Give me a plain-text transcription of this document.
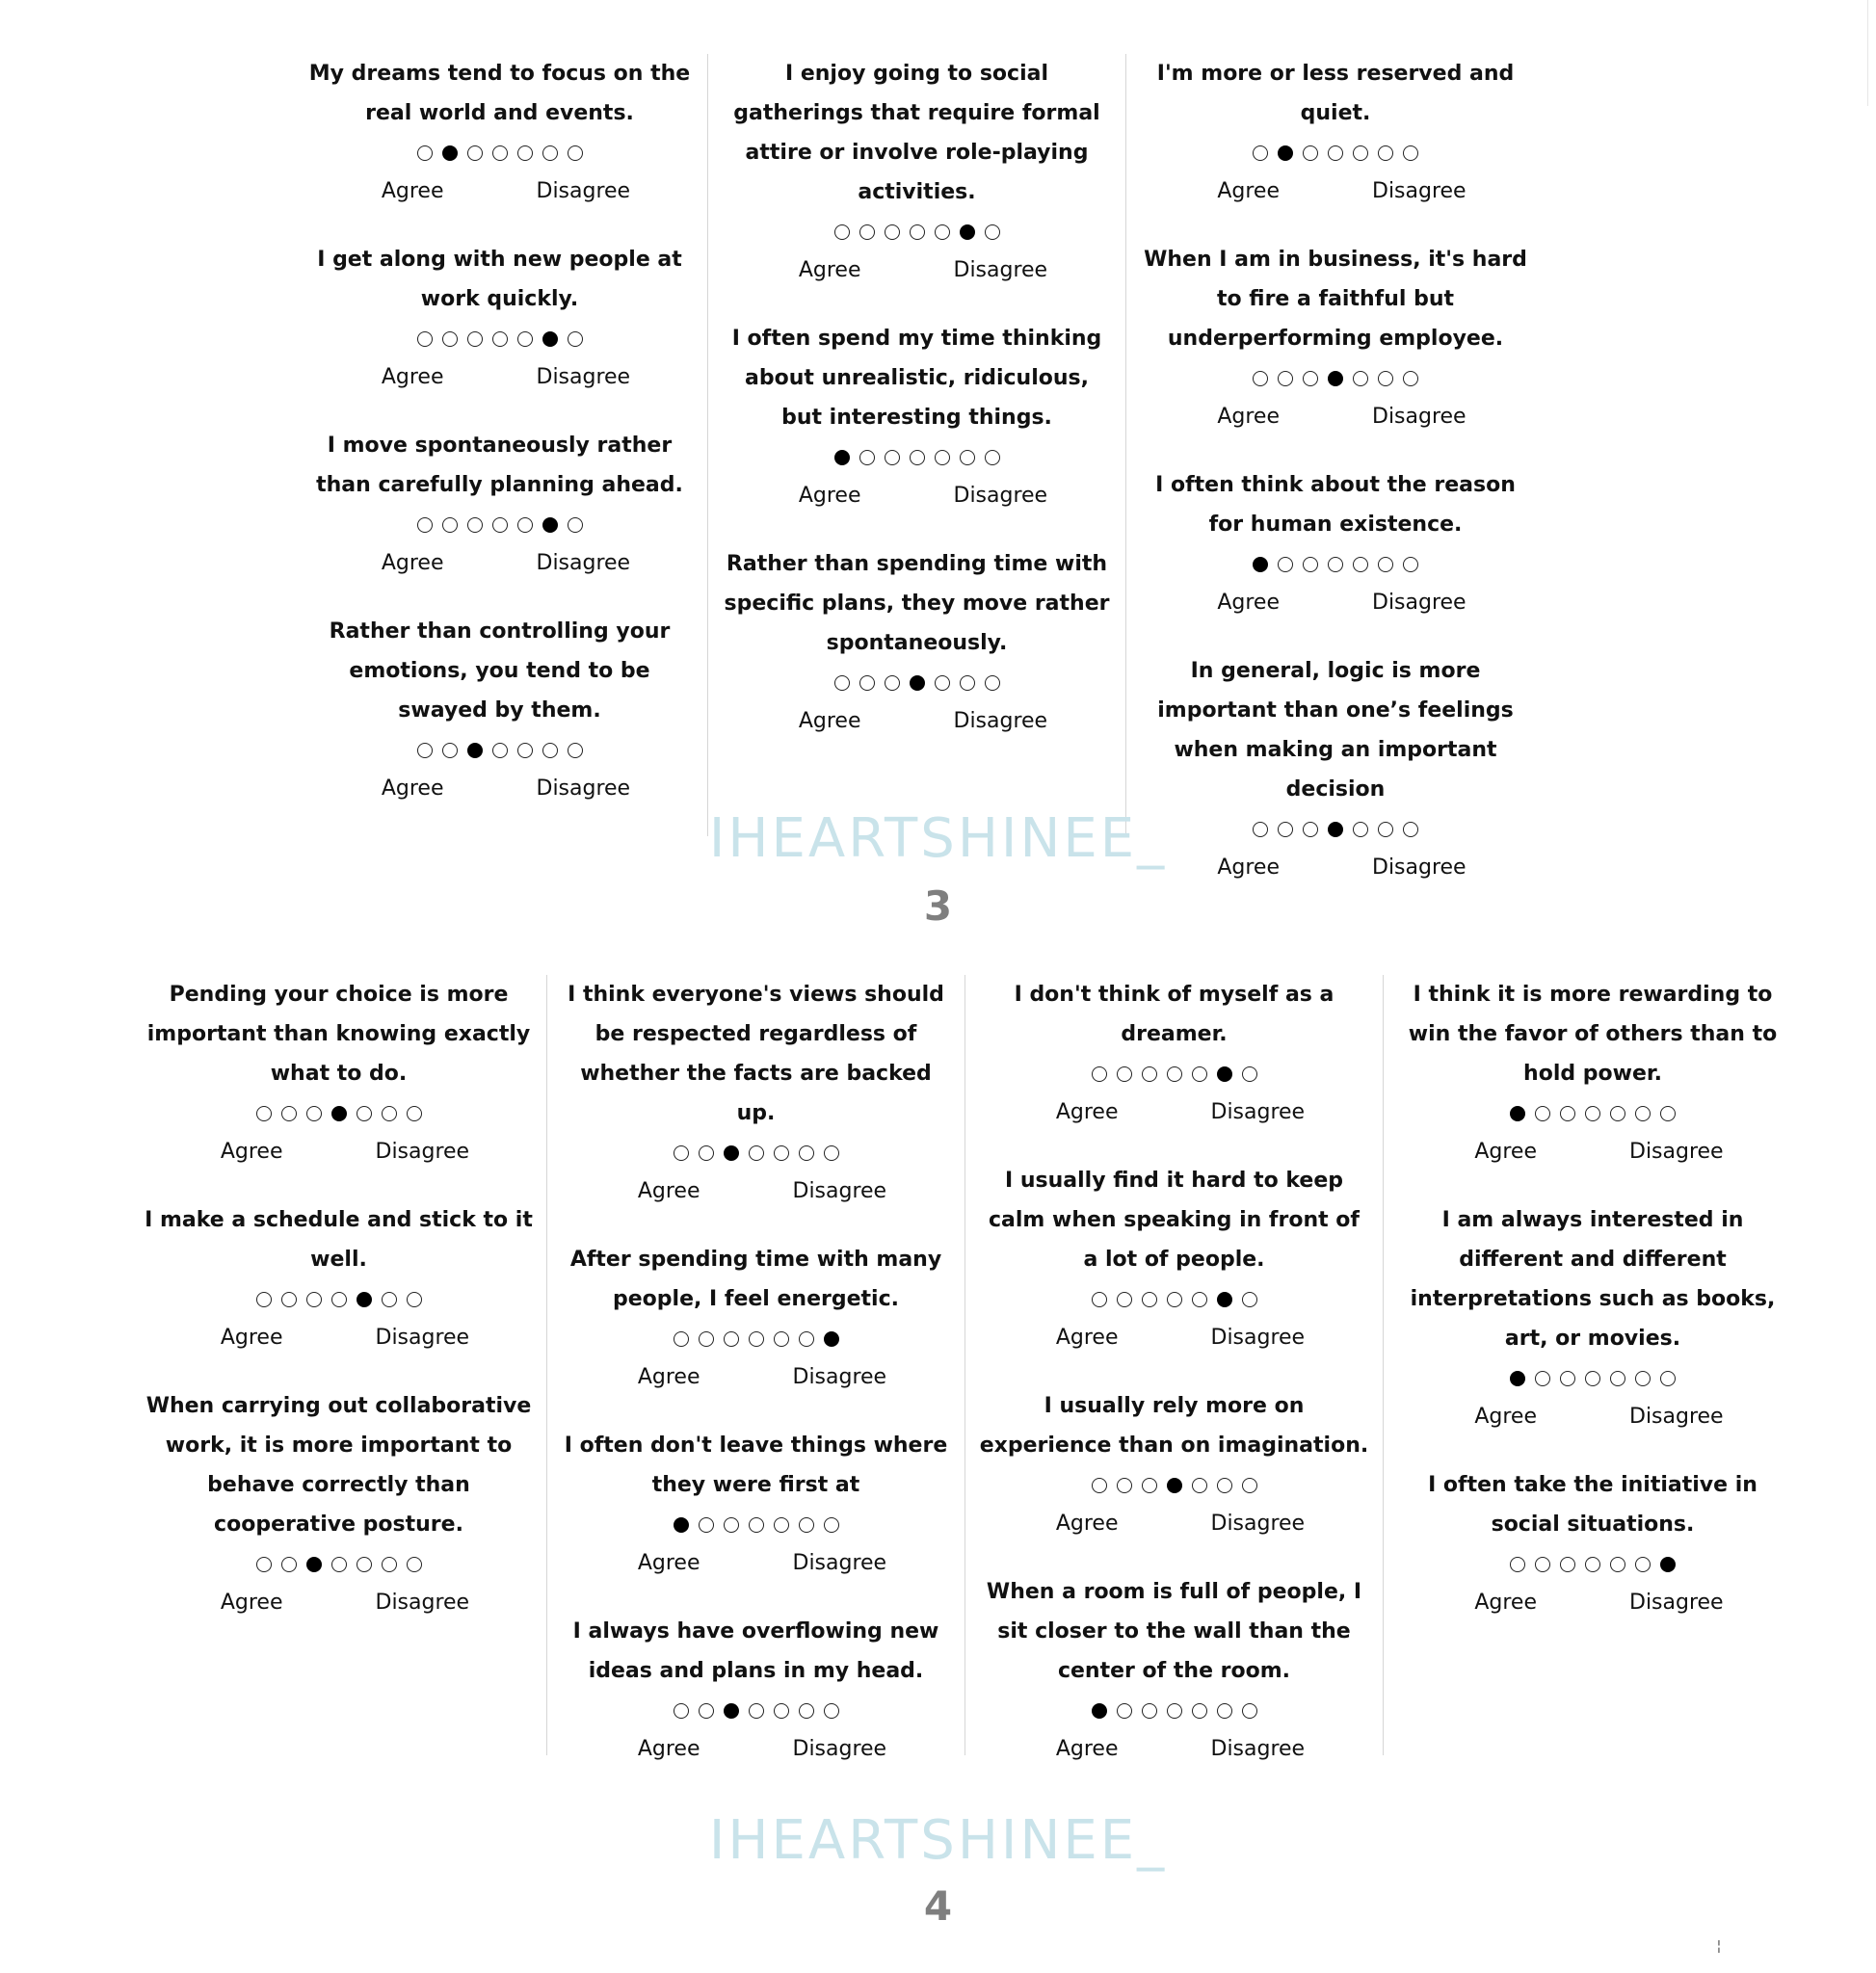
My dreams tend to focus on the real world and events.

Agree	Disagree

I get along with new people at work quickly.

Agree	Disagree

I move spontaneously rather than carefully planning ahead.

Agree	Disagree

Rather than controlling your emotions, you tend to be swayed by them.

Agree	Disagree

I enjoy going to social gatherings that require formal attire or involve role-playing activities.

Agree	Disagree

I often spend my time thinking about unrealistic, ridiculous, but interesting things.

Agree	Disagree

Rather than spending time with specific plans, they move rather spontaneously.

Agree	Disagree

I'm more or less reserved and quiet.

Agree	Disagree

When I am in business, it's hard to fire a faithful but underperforming employee.

Agree	Disagree

I often think about the reason for human existence.

Agree	Disagree

In general, logic is more important than one’s feelings when making an important decision

Agree	Disagree
IHEARTSHINEE_
3

Pending your choice is more important than knowing exactly what to do.

Agree	Disagree

I make a schedule and stick to it well.

Agree	Disagree

When carrying out collaborative work, it is more important to behave correctly than cooperative posture.

Agree	Disagree

I think everyone's views should be respected regardless of whether the facts are backed up.

Agree	Disagree

After spending time with many people, I feel energetic.

Agree	Disagree

I often don't leave things where they were first at

Agree	Disagree

I always have overflowing new ideas and plans in my head.

Agree	Disagree

I don't think of myself as a dreamer.

Agree	Disagree

I usually find it hard to keep calm when speaking in front of a lot of people.

Agree	Disagree

I usually rely more on experience than on imagination.

Agree	Disagree

When a room is full of people, I sit closer to the wall than the center of the room.

Agree	Disagree

I think it is more rewarding to win the favor of others than to hold power.

Agree	Disagree

I am always interested in different and different interpretations such as books, art, or movies.

Agree	Disagree

I often take the initiative in social situations.

Agree	Disagree
IHEARTSHINEE_
4
╎
